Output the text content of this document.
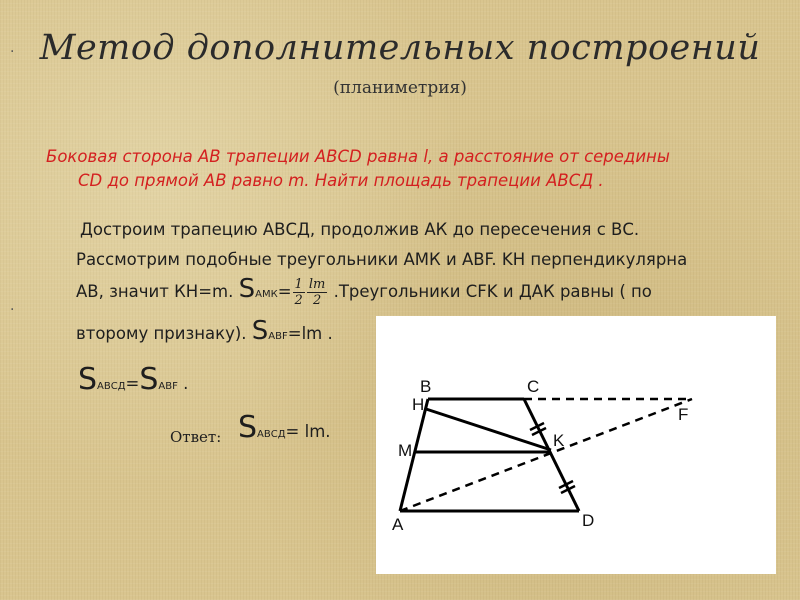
·
·
Метод дополнительных построений
(планиметрия)
Боковая сторона АВ трапеции АВСD равна l, а расстояние от середины
CD до прямой АВ равно m. Найти площадь трапеции АВСД .
Достроим трапецию АВСД, продолжив АК до пересечения с ВС.
Рассмотрим подобные треугольники АМК и ABF. KH перпендикулярна
AB, значит КН=m. SАМК= $\frac{1}{2} \frac{lm}{2}$ .Треугольники CFK и ДАК равны ( по
второму признаку). SABF=lm .
SАВСД=SABF .
Ответ: SАВСД= lm.
B	C
H
F
K
M
A	D
